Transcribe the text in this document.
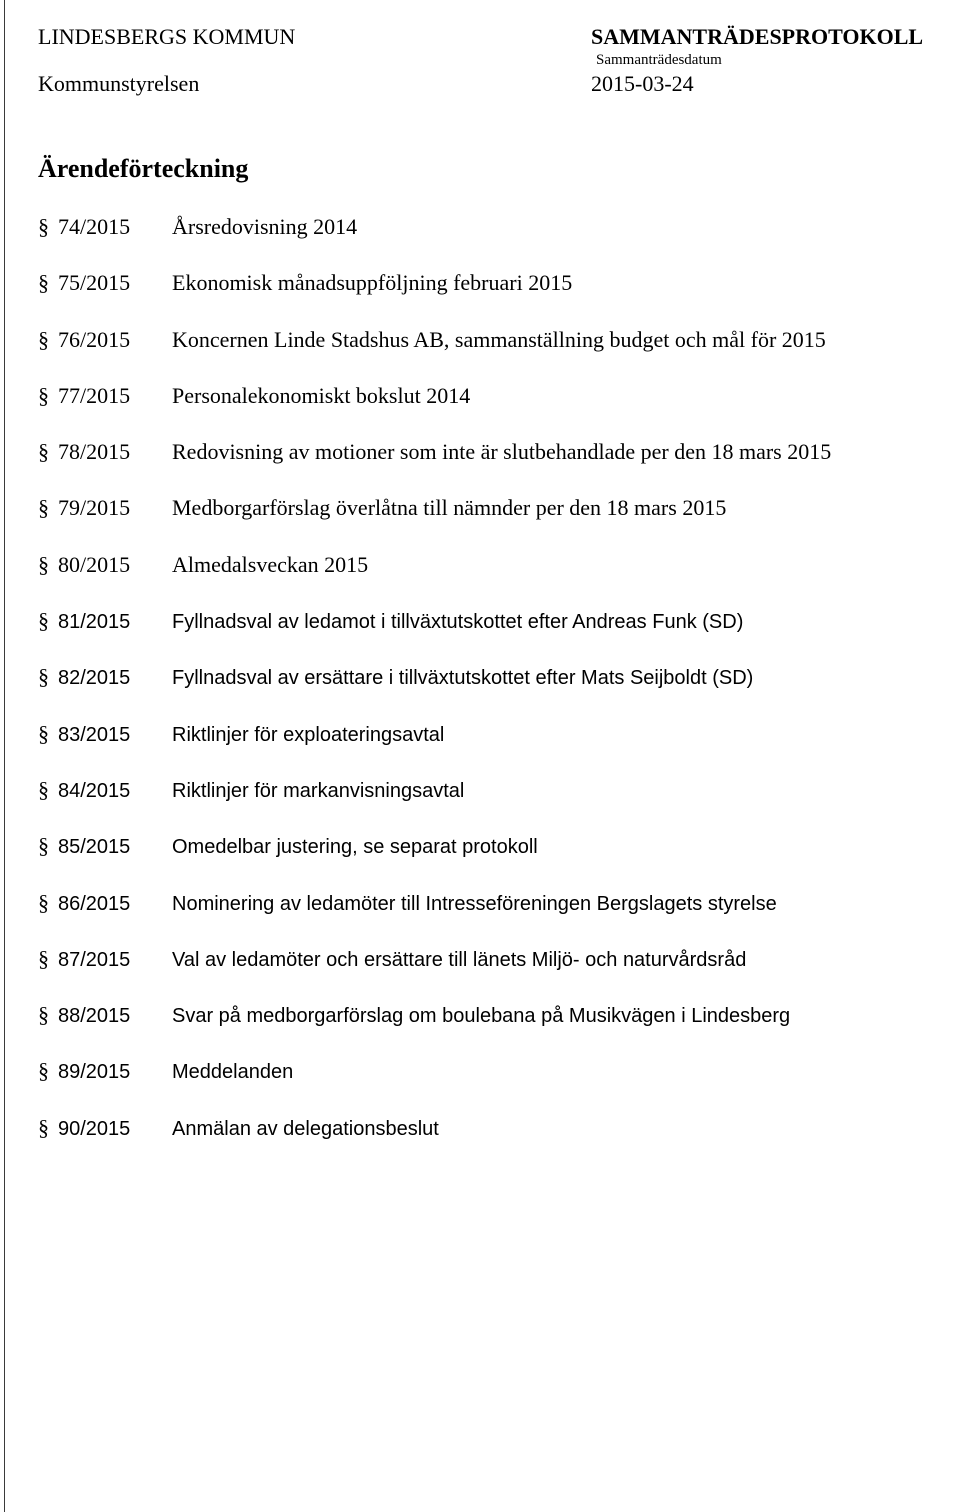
LINDESBERGS KOMMUN
Kommunstyrelsen
SAMMANTRÄDESPROTOKOLL
Sammanträdesdatum
2015-03-24
Ärendeförteckning
§ 74/2015	Årsredovisning 2014
§ 75/2015	Ekonomisk månadsuppföljning februari 2015
§ 76/2015	Koncernen Linde Stadshus AB, sammanställning budget och mål för 2015
§ 77/2015	Personalekonomiskt bokslut 2014
§ 78/2015	Redovisning av motioner som inte är slutbehandlade per den 18 mars 2015
§ 79/2015	Medborgarförslag överlåtna till nämnder per den 18 mars 2015
§ 80/2015	Almedalsveckan 2015
§ 81/2015	Fyllnadsval av ledamot i tillväxtutskottet efter Andreas Funk (SD)
§ 82/2015	Fyllnadsval av ersättare i tillväxtutskottet efter Mats Seijboldt (SD)
§ 83/2015	Riktlinjer för exploateringsavtal
§ 84/2015	Riktlinjer för markanvisningsavtal
§ 85/2015	Omedelbar justering, se separat protokoll
§ 86/2015	Nominering av ledamöter till Intresseföreningen Bergslagets styrelse
§ 87/2015	Val av ledamöter och ersättare till länets Miljö- och naturvårdsråd
§ 88/2015	Svar på medborgarförslag om boulebana på Musikvägen i Lindesberg
§ 89/2015	Meddelanden
§ 90/2015	Anmälan av delegationsbeslut
